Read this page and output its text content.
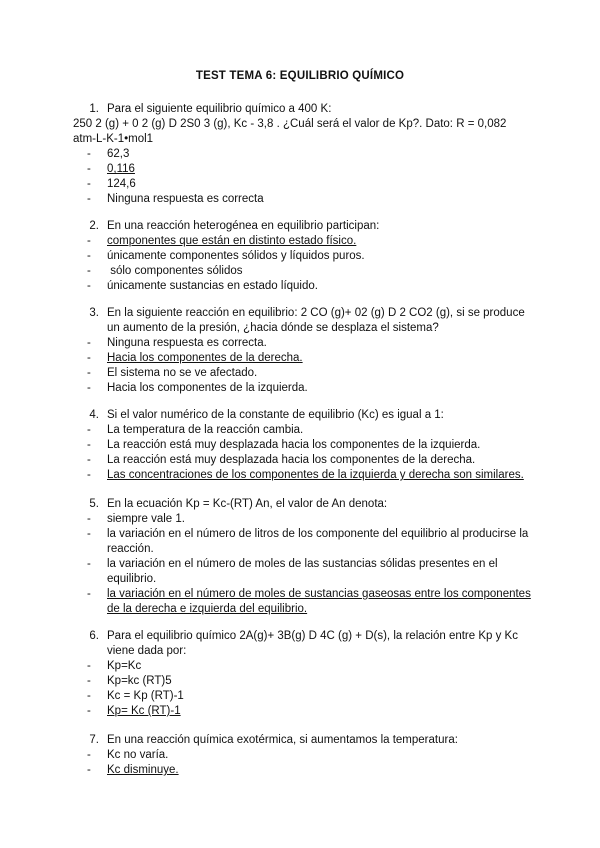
TEST TEMA 6: EQUILIBRIO QUÍMICO
1. Para el siguiente equilibrio químico a 400 K:
250 2 (g) + 0 2 (g) D 2S0 3 (g), Kc - 3,8 . ¿Cuál será el valor de Kp?. Dato: R = 0,082
atm-L-K-1•mol1
-	62,3
-	0,116
-	124,6
-	Ninguna respuesta es correcta
2. En una reacción heterogénea en equilibrio participan:
-	componentes que están en distinto estado físico.
-	únicamente componentes sólidos y líquidos puros.
-	sólo componentes sólidos
-	únicamente sustancias en estado líquido.
3. En la siguiente reacción en equilibrio: 2 CO (g)+ 02 (g) D 2 CO2 (g), si se produce un aumento de la presión, ¿hacia dónde se desplaza el sistema?
-	Ninguna respuesta es correcta.
-	Hacia los componentes de la derecha.
-	El sistema no se ve afectado.
-	Hacia los componentes de la izquierda.
4. Si el valor numérico de la constante de equilibrio (Kc) es igual a 1:
-	La temperatura de la reacción cambia.
-	La reacción está muy desplazada hacia los componentes de la izquierda.
-	La reacción está muy desplazada hacia los componentes de la derecha.
-	Las concentraciones de los componentes de la izquierda y derecha son similares.
5. En la ecuación Kp = Kc-(RT) An, el valor de An denota:
-	siempre vale 1.
-	la variación en el número de litros de los componente del equilibrio al producirse la reacción.
-	la variación en el número de moles de las sustancias sólidas presentes en el equilibrio.
-	la variación en el número de moles de sustancias gaseosas entre los componentes de la derecha e izquierda del equilibrio.
6. Para el equilibrio químico 2A(g)+ 3B(g) D 4C (g) + D(s), la relación entre Kp y Kc viene dada por:
-	Kp=Kc
-	Kp=kc (RT)5
-	Kc = Kp (RT)-1
-	Kp= Kc (RT)-1
7. En una reacción química exotérmica, si aumentamos la temperatura:
-	Kc no varía.
-	Kc disminuye.
